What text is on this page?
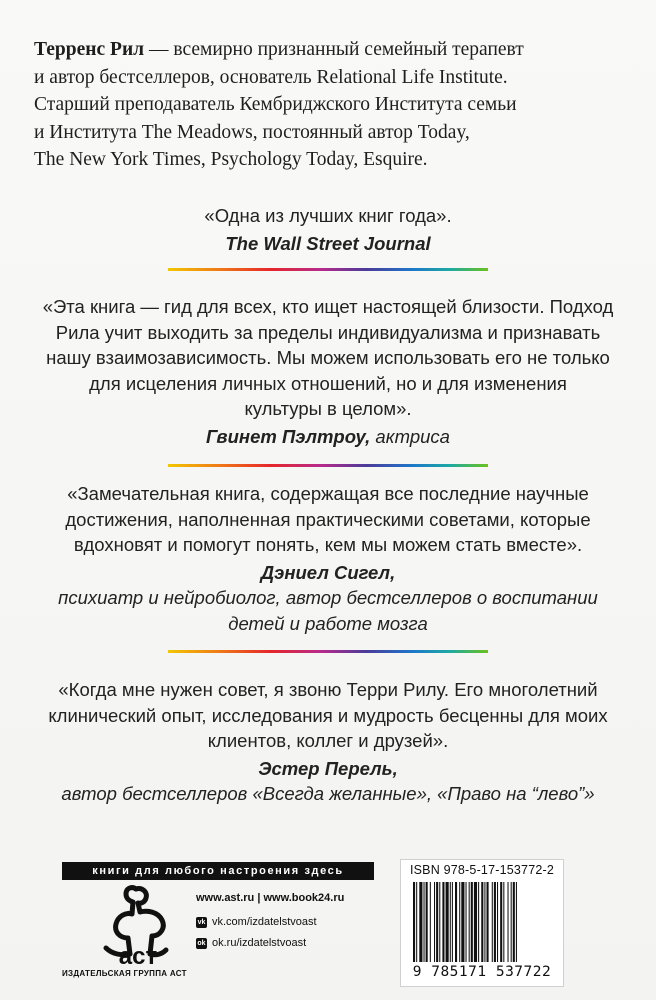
Терренс Рил — всемирно признанный семейный терапевт
и автор бестселлеров, основатель Relational Life Institute.
Старший преподаватель Кембриджского Института семьи
и Института The Meadows, постоянный автор Today,
The New York Times, Psychology Today, Esquire.
«Одна из лучших книг года».
The Wall Street Journal
«Эта книга — гид для всех, кто ищет настоящей близости. Подход
Рила учит выходить за пределы индивидуализма и признавать
нашу взаимозависимость. Мы можем использовать его не только
для исцеления личных отношений, но и для изменения
культуры в целом».
Гвинет Пэлтроу, актриса
«Замечательная книга, содержащая все последние научные
достижения, наполненная практическими советами, которые
вдохновят и помогут понять, кем мы можем стать вместе».
Дэниел Сигел,
психиатр и нейробиолог, автор бестселлеров о воспитании
детей и работе мозга
«Когда мне нужен совет, я звоню Терри Рилу. Его многолетний
клинический опыт, исследования и мудрость бесценны для моих
клиентов, коллег и друзей».
Эстер Перель,
автор бестселлеров «Всегда желанные», «Право на “лево”»
книги для любого настроения здесь
аст
ИЗДАТЕЛЬСКАЯ ГРУППА АСТ
www.ast.ru | www.book24.ru
vk vk.com/izdatelstvoast
ok ok.ru/izdatelstvoast
ISBN 978-5-17-153772-2
9 785171 537722
